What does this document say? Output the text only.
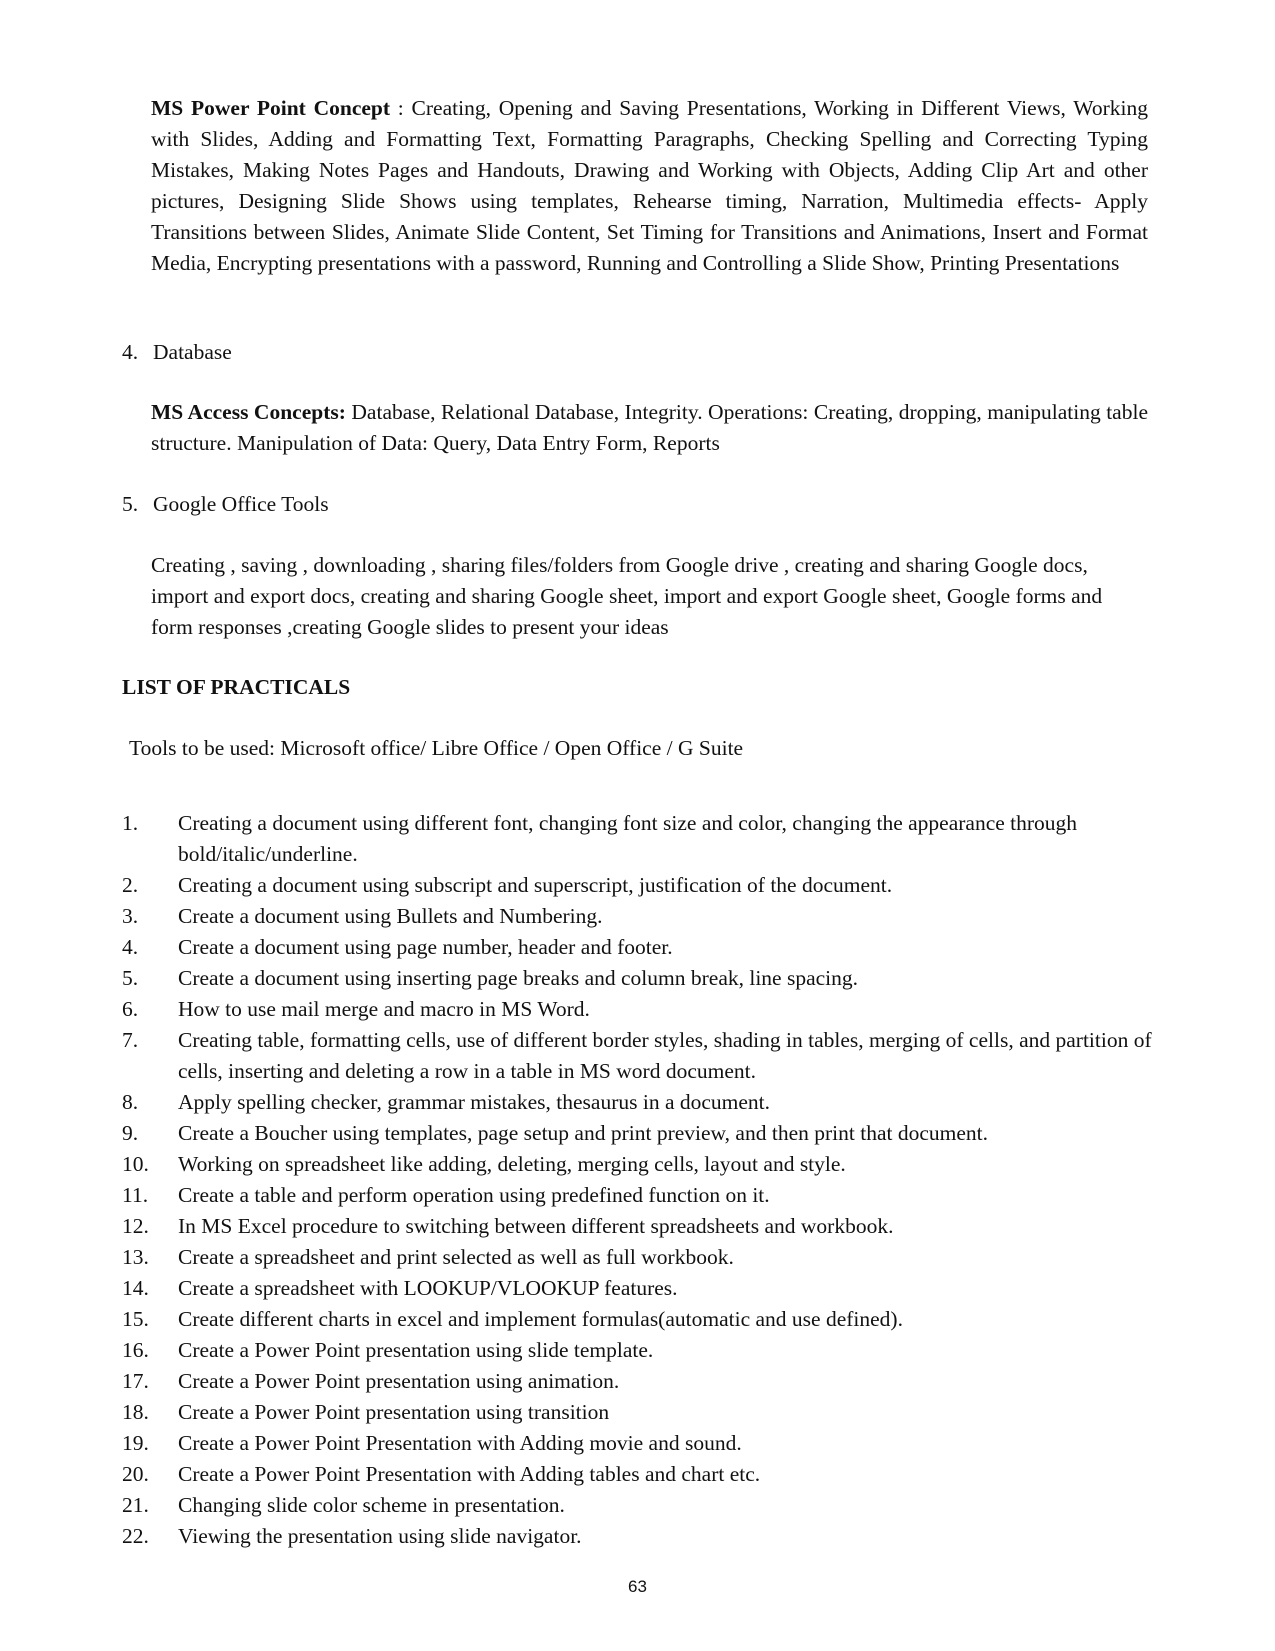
MS Power Point Concept : Creating, Opening and Saving Presentations, Working in Different Views, Working with Slides, Adding and Formatting Text, Formatting Paragraphs, Checking Spelling and Correcting Typing Mistakes, Making Notes Pages and Handouts, Drawing and Working with Objects, Adding Clip Art and other pictures, Designing Slide Shows using templates, Rehearse timing, Narration, Multimedia effects- Apply Transitions between Slides, Animate Slide Content, Set Timing for Transitions and Animations, Insert and Format Media, Encrypting presentations with a password, Running and Controlling a Slide Show, Printing Presentations
4. Database
MS Access Concepts: Database, Relational Database, Integrity. Operations: Creating, dropping, manipulating table structure. Manipulation of Data: Query, Data Entry Form, Reports
5. Google Office Tools
Creating , saving , downloading , sharing files/folders from Google drive , creating and sharing Google docs, import and export docs, creating and sharing Google sheet, import and export Google sheet, Google forms and form responses ,creating Google slides to present your ideas
LIST OF PRACTICALS
Tools to be used: Microsoft office/ Libre Office / Open Office / G Suite
1.	Creating a document using different font, changing font size and color, changing the appearance through bold/italic/underline.
2.	Creating a document using subscript and superscript, justification of the document.
3.	Create a document using Bullets and Numbering.
4.	Create a document using page number, header and footer.
5.	Create a document using inserting page breaks and column break, line spacing.
6.	How to use mail merge and macro in MS Word.
7.	Creating table, formatting cells, use of different border styles, shading in tables, merging of cells, and partition of cells, inserting and deleting a row in a table in MS word document.
8.	Apply spelling checker, grammar mistakes, thesaurus in a document.
9.	Create a Boucher using templates, page setup and print preview, and then print that document.
10.	Working on spreadsheet like adding, deleting, merging cells, layout and style.
11.	Create a table and perform operation using predefined function on it.
12.	In MS Excel procedure to switching between different spreadsheets and workbook.
13.	Create a spreadsheet and print selected as well as full workbook.
14.	Create a spreadsheet with LOOKUP/VLOOKUP features.
15.	Create different charts in excel and implement formulas(automatic and use defined).
16.	Create a Power Point presentation using slide template.
17.	Create a Power Point presentation using animation.
18.	Create a Power Point presentation using transition
19.	Create a Power Point Presentation with Adding movie and sound.
20.	Create a Power Point Presentation with Adding tables and chart etc.
21.	Changing slide color scheme in presentation.
22.	Viewing the presentation using slide navigator.
63
